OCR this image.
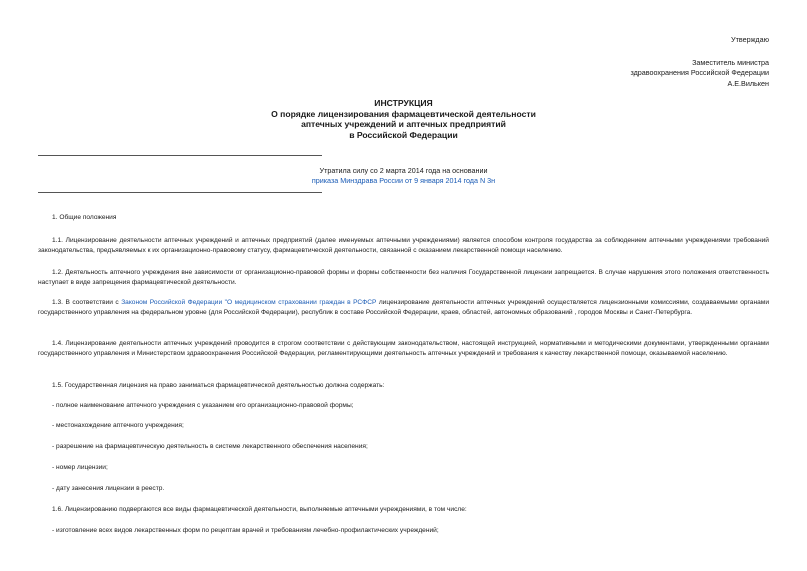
Утверждаю
Заместитель министра
здравоохранения Российской Федерации
А.Е.Вилькен
ИНСТРУКЦИЯ
О порядке лицензирования фармацевтической деятельности
аптечных учреждений и аптечных предприятий
в Российской Федерации
Утратила силу со 2 марта 2014 года на основании
приказа Минздрава России от 9 января 2014 года N 3н
1. Общие положения
1.1. Лицензирование деятельности аптечных учреждений и аптечных предприятий (далее именуемых аптечными учреждениями) является способом контроля государства за соблюдением аптечными учреждениями требований законодательства, предъявляемых к их организационно-правовому статусу, фармацевтической деятельности, связанной с оказанием лекарственной помощи населению.
1.2. Деятельность аптечного учреждения вне зависимости от организационно-правовой формы и формы собственности без наличия Государственной лицензии запрещается. В случае нарушения этого положения ответственность наступает в виде запрещения фармацевтической деятельности.
1.3. В соответствии с Законом Российской Федерации "О медицинском страховании граждан в РСФСР лицензирование деятельности аптечных учреждений осуществляется лицензионными комиссиями, создаваемыми органами государственного управления на федеральном уровне (для Российской Федерации), республик в составе Российской Федерации, краев, областей, автономных образований , городов Москвы и Санкт-Петербурга.
1.4. Лицензирование деятельности аптечных учреждений проводится в строгом соответствии с действующим законодательством, настоящей инструкцией, нормативными и методическими документами, утвержденными органами государственного управления и Министерством здравоохранения Российской Федерации, регламентирующими деятельность аптечных учреждений и требования к качеству лекарственной помощи, оказываемой населению.
1.5. Государственная лицензия на право заниматься фармацевтической деятельностью должна содержать:
- полное наименование аптечного учреждения с указанием его организационно-правовой формы;
- местонахождение аптечного учреждения;
- разрешение на фармацевтическую деятельность в системе лекарственного обеспечения населения;
- номер лицензии;
- дату занесения лицензии в реестр.
1.6. Лицензированию подвергаются все виды фармацевтической деятельности, выполняемые аптечными учреждениями, в том числе:
- изготовление всех видов лекарственных форм по рецептам врачей и требованиям лечебно-профилактических учреждений;
